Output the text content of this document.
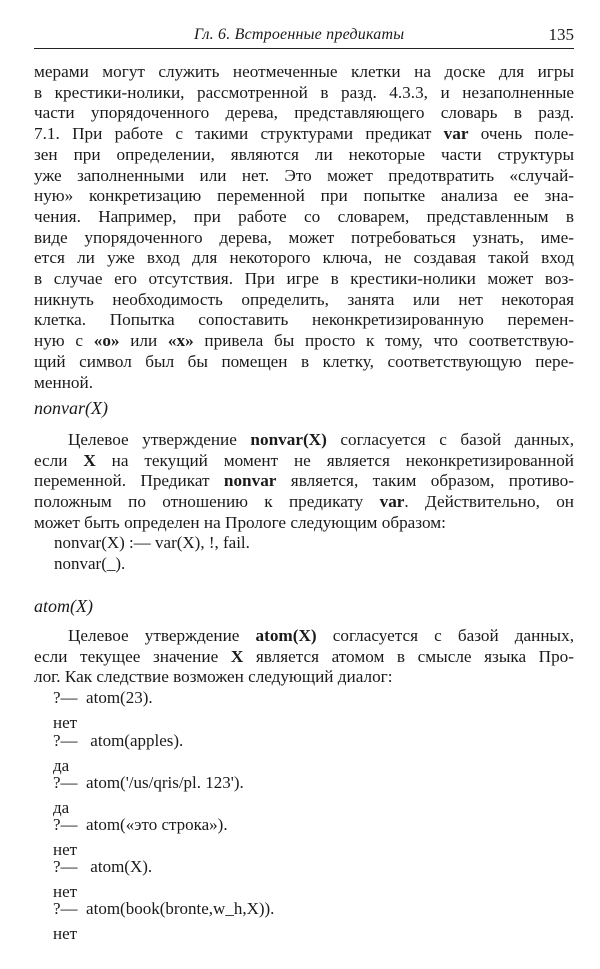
Гл. 6. Встроенные предикаты	135
мерами могут служить неотмеченные клетки на доске для игры
в крестики-нолики, рассмотренной в разд. 4.3.3, и незаполненные
части упорядоченного дерева, представляющего словарь в разд.
7.1. При работе с такими структурами предикат var очень полe-
зен при определении, являются ли некоторые части структуры
уже заполненными или нет. Это может предотвратить «случай-
ную» конкретизацию переменной при попытке анализа ее зна-
чения. Например, при работе со словарем, представленным в
виде упорядоченного дерева, может потребоваться узнать, име-
ется ли уже вход для некоторого ключа, не создавая такой вход
в случае его отсутствия. При игре в крестики-нолики может воз-
никнуть необходимость определить, занята или нет некоторая
клетка. Попытка сопоставить неконкретизированную перемен-
ную с «о» или «х» привела бы просто к тому, что соответствую-
щий символ был бы помещен в клетку, соответствующую пере-
менной.
nonvar(X)
Целевое утверждение nonvar(X) согласуется с базой данных,
если X на текущий момент не является неконкретизированной
переменной. Предикат nonvar является, таким образом, противо-
положным по отношению к предикату var. Действительно, он
может быть определен на Прологе следующим образом:
nonvar(X) :— var(X), !, fail.
nonvar(_).
atom(X)
Целевое утверждение atom(X) согласуется с базой данных,
если текущее значение X является атомом в смысле языка Про-
лог. Как следствие возможен следующий диалог:
?—  atom(23).
нет
?—   atom(apples).
да
?—  atom('/us/qris/pl. 123').
да
?—  atom(«это строка»).
нет
?—   atom(X).
нет
?—  atom(book(bronte,w_h,X)).
нет
